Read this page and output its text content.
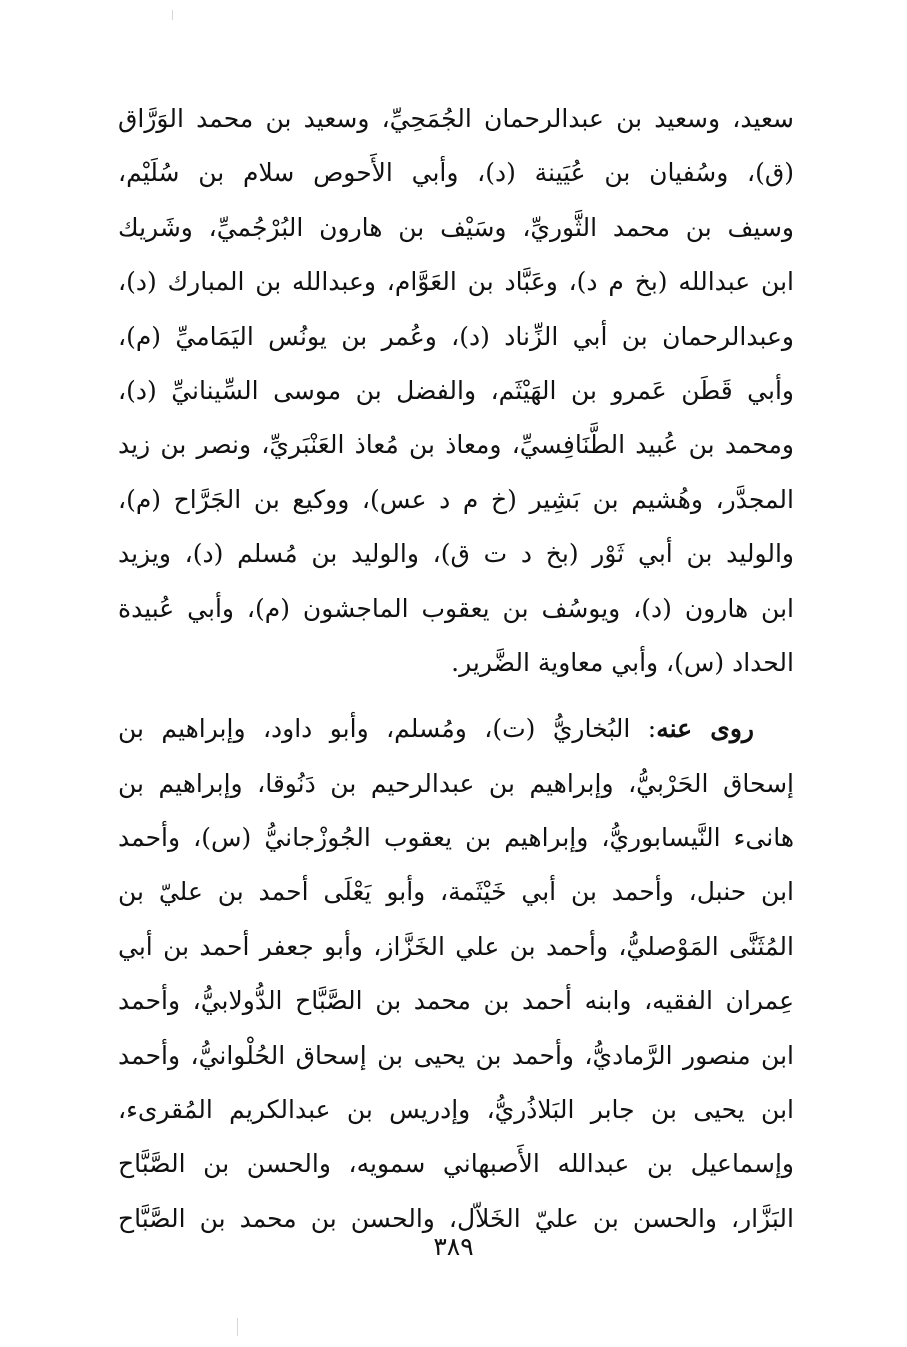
سعيد، وسعيد بن عبدالرحمان الجُمَحِيِّ، وسعيد بن محمد الوَرَّاق
(ق)، وسُفيان بن عُيَينة (د)، وأبي الأَحوص سلام بن سُلَيْم،
وسيف بن محمد الثَّوريِّ، وسَيْف بن هارون البُرْجُميِّ، وشَريك
ابن عبدالله (بخ م د)، وعَبَّاد بن العَوَّام، وعبدالله بن المبارك (د)،
وعبدالرحمان بن أبي الزِّناد (د)، وعُمر بن يونُس اليَمَاميِّ (م)،
وأبي قَطَن عَمرو بن الهَيْثَم، والفضل بن موسى السِّينانيِّ (د)،
ومحمد بن عُبيد الطَّنَافِسيِّ، ومعاذ بن مُعاذ العَنْبَريِّ، ونصر بن زيد
المجدَّر، وهُشيم بن بَشِير (خ م د عس)، ووكيع بن الجَرَّاح (م)،
والوليد بن أبي ثَوْر (بخ د ت ق)، والوليد بن مُسلم (د)، ويزيد
ابن هارون (د)، ويوسُف بن يعقوب الماجشون (م)، وأبي عُبيدة
الحداد (س)، وأبي معاوية الضَّرير.
روى عنه: البُخاريُّ (ت)، ومُسلم، وأبو داود، وإبراهيم بن
إسحاق الحَرْبيُّ، وإبراهيم بن عبدالرحيم بن دَنُوقا، وإبراهيم بن
هانىء النَّيسابوريُّ، وإبراهيم بن يعقوب الجُوزْجانيُّ (س)، وأحمد
ابن حنبل، وأحمد بن أبي خَيْثَمة، وأبو يَعْلَى أحمد بن عليّ بن
المُثَنَّى المَوْصليُّ، وأحمد بن علي الخَزَّاز، وأبو جعفر أحمد بن أبي
عِمران الفقيه، وابنه أحمد بن محمد بن الصَّبَّاح الدُّولابيُّ، وأحمد
ابن منصور الرَّماديُّ، وأحمد بن يحيى بن إسحاق الحُلْوانيُّ، وأحمد
ابن يحيى بن جابر البَلاذُريُّ، وإدريس بن عبدالكريم المُقرىء،
وإسماعيل بن عبدالله الأَصبهاني سمويه، والحسن بن الصَّبَّاح
البَزَّار، والحسن بن عليّ الخَلاّل، والحسن بن محمد بن الصَّبَّاح
٣٨٩
